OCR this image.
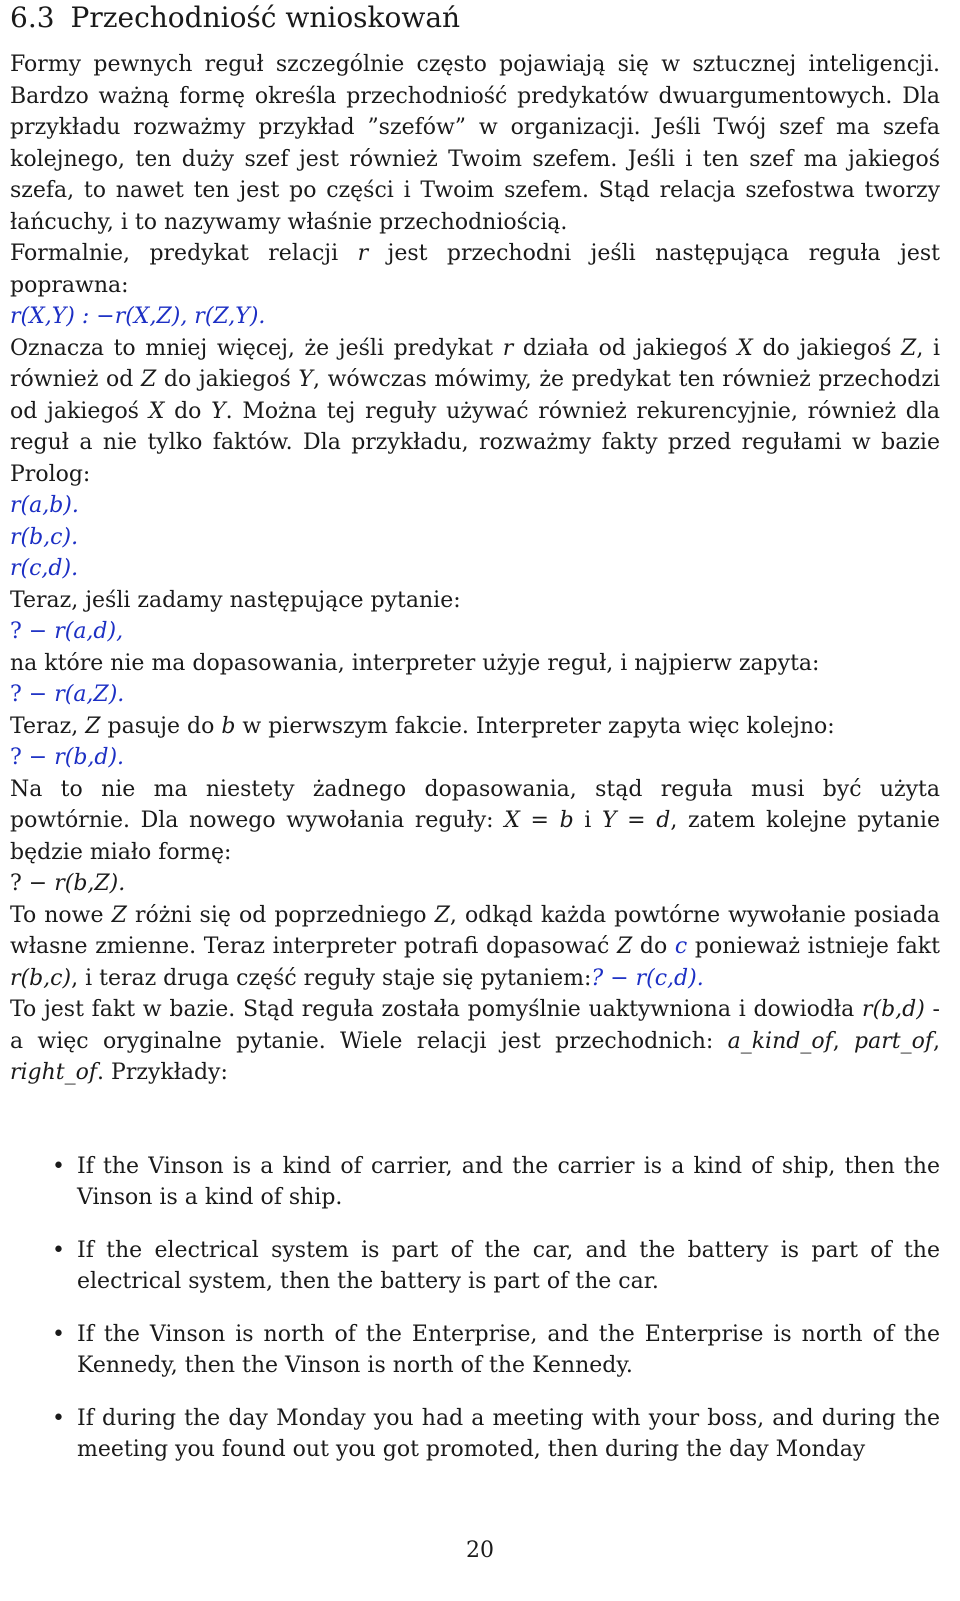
6.3 Przechodniość wnioskowań

Formy pewnych reguł szczególnie często pojawiają się w sztucznej inteligencji. Bardzo ważną formę określa przechodniość predykatów dwuargumentowych. Dla przykładu rozważmy przykład ”szefów” w organizacji. Jeśli Twój szef ma szefa kolejnego, ten duży szef jest również Twoim szefem. Jeśli i ten szef ma jakiegoś szefa, to nawet ten jest po części i Twoim szefem. Stąd relacja szefostwa tworzy łańcuchy, i to nazywamy właśnie przechodniością.

Formalnie, predykat relacji r jest przechodni jeśli następująca reguła jest poprawna:

r(X,Y) : −r(X,Z), r(Z,Y).

Oznacza to mniej więcej, że jeśli predykat r działa od jakiegoś X do jakiegoś Z, i również od Z do jakiegoś Y, wówczas mówimy, że predykat ten również przechodzi od jakiegoś X do Y. Można tej reguły używać również rekurencyjnie, również dla reguł a nie tylko faktów. Dla przykładu, rozważmy fakty przed regułami w bazie Prolog:

r(a,b).
r(b,c).
r(c,d).

Teraz, jeśli zadamy następujące pytanie:

? − r(a,d),

na które nie ma dopasowania, interpreter użyje reguł, i najpierw zapyta:

? − r(a,Z).

Teraz, Z pasuje do b w pierwszym fakcie. Interpreter zapyta więc kolejno:

? − r(b,d).

Na to nie ma niestety żadnego dopasowania, stąd reguła musi być użyta powtórnie. Dla nowego wywołania reguły: X = b i Y = d, zatem kolejne pytanie będzie miało formę:

? − r(b,Z).

To nowe Z różni się od poprzedniego Z, odkąd każda powtórne wywołanie posiada własne zmienne. Teraz interpreter potrafi dopasować Z do c ponieważ istnieje fakt r(b,c), i teraz druga część reguły staje się pytaniem:? − r(c,d).

To jest fakt w bazie. Stąd reguła została pomyślnie uaktywniona i dowiodła r(b,d) - a więc oryginalne pytanie. Wiele relacji jest przechodnich: a_kind_of, part_of, right_of. Przykłady:

• If the Vinson is a kind of carrier, and the carrier is a kind of ship, then the Vinson is a kind of ship.
• If the electrical system is part of the car, and the battery is part of the electrical system, then the battery is part of the car.
• If the Vinson is north of the Enterprise, and the Enterprise is north of the Kennedy, then the Vinson is north of the Kennedy.
• If during the day Monday you had a meeting with your boss, and during the meeting you found out you got promoted, then during the day Monday
20
